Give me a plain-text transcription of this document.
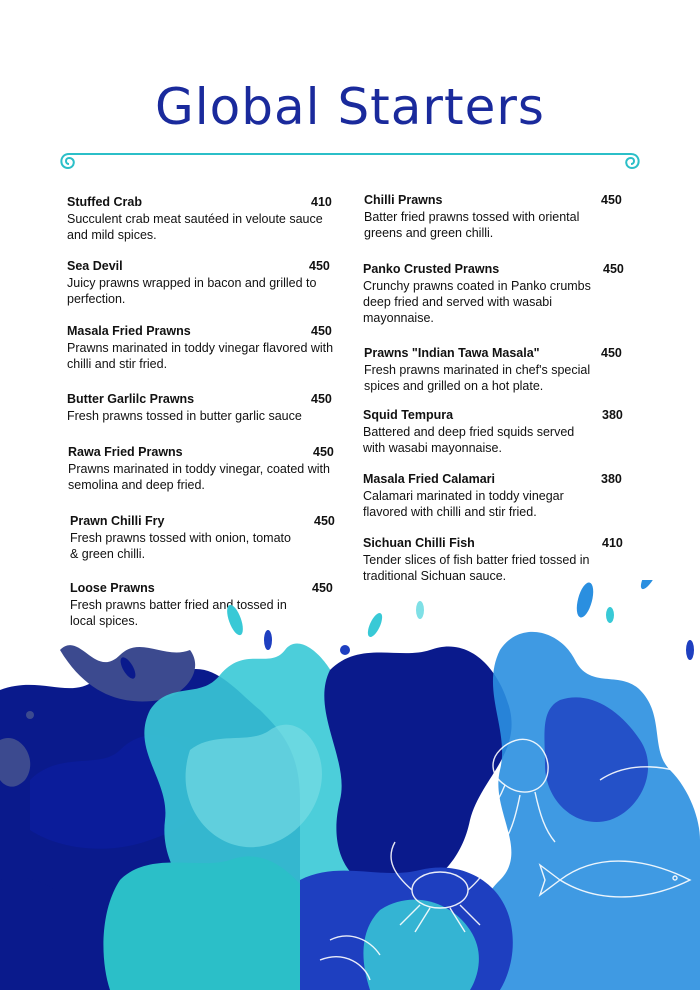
Global Starters
Stuffed Crab	410
Succulent crab meat sautéed in veloute sauce and mild spices.
Sea Devil	450
Juicy prawns wrapped in bacon and grilled to perfection.
Masala Fried Prawns	450
Prawns marinated in toddy vinegar flavored with chilli and stir fried.
Butter Garlilc Prawns	450
Fresh prawns tossed in butter garlic sauce
Rawa Fried Prawns	450
Prawns marinated in toddy vinegar, coated with semolina and deep fried.
Prawn Chilli Fry	450
Fresh prawns tossed with onion, tomato & green chilli.
Loose Prawns	450
Fresh prawns batter fried and tossed in local spices.
Chilli Prawns	450
Batter fried prawns tossed with oriental greens and green chilli.
Panko Crusted Prawns	450
Crunchy prawns coated in Panko crumbs deep fried and served with wasabi mayonnaise.
Prawns "Indian Tawa Masala"	450
Fresh prawns marinated in chef's special spices and grilled on a hot plate.
Squid Tempura	380
Battered and deep fried squids served with wasabi mayonnaise.
Masala Fried Calamari	380
Calamari marinated in toddy vinegar flavored with chilli and stir fried.
Sichuan Chilli Fish	410
Tender slices of fish batter fried tossed in traditional Sichuan sauce.
